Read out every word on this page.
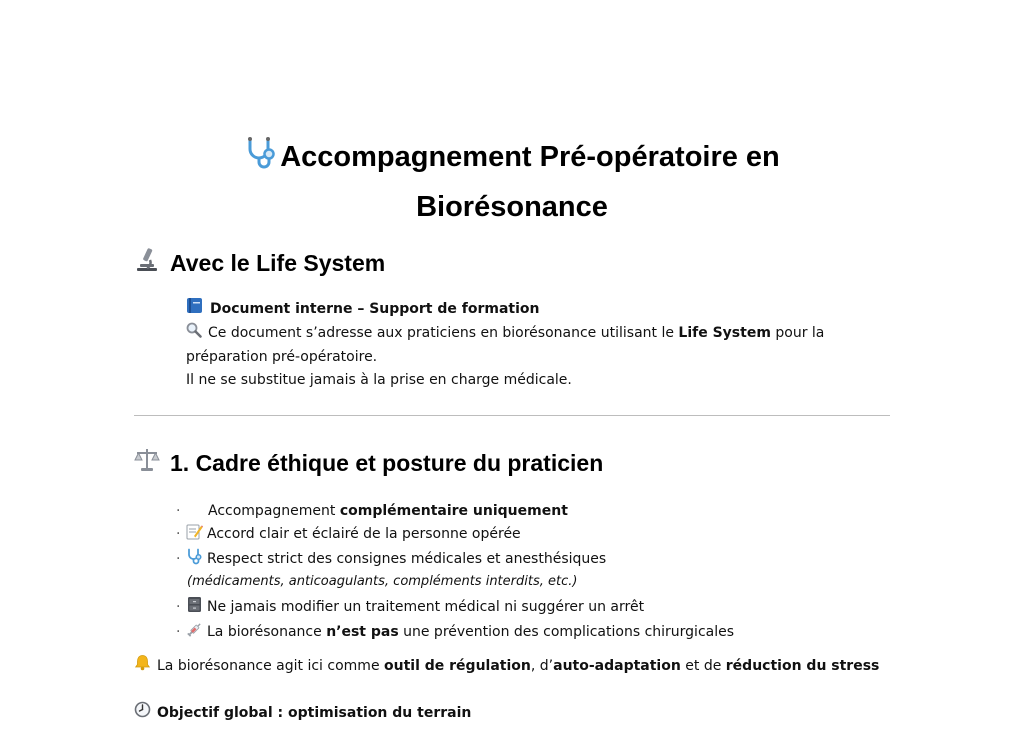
Accompagnement Pré-opératoire en
Biorésonance
Avec le Life System
Document interne – Support de formation
Ce document s’adresse aux praticiens en biorésonance utilisant le Life System pour la
préparation pré-opératoire.
Il ne se substitue jamais à la prise en charge médicale.
1. Cadre éthique et posture du praticien
· Accompagnement complémentaire uniquement
· Accord clair et éclairé de la personne opérée
· Respect strict des consignes médicales et anesthésiques
(médicaments, anticoagulants, compléments interdits, etc.)
· Ne jamais modifier un traitement médical ni suggérer un arrêt
· La biorésonance n’est pas une prévention des complications chirurgicales
La biorésonance agit ici comme outil de régulation, d’auto-adaptation et de réduction du stress
Objectif global : optimisation du terrain
